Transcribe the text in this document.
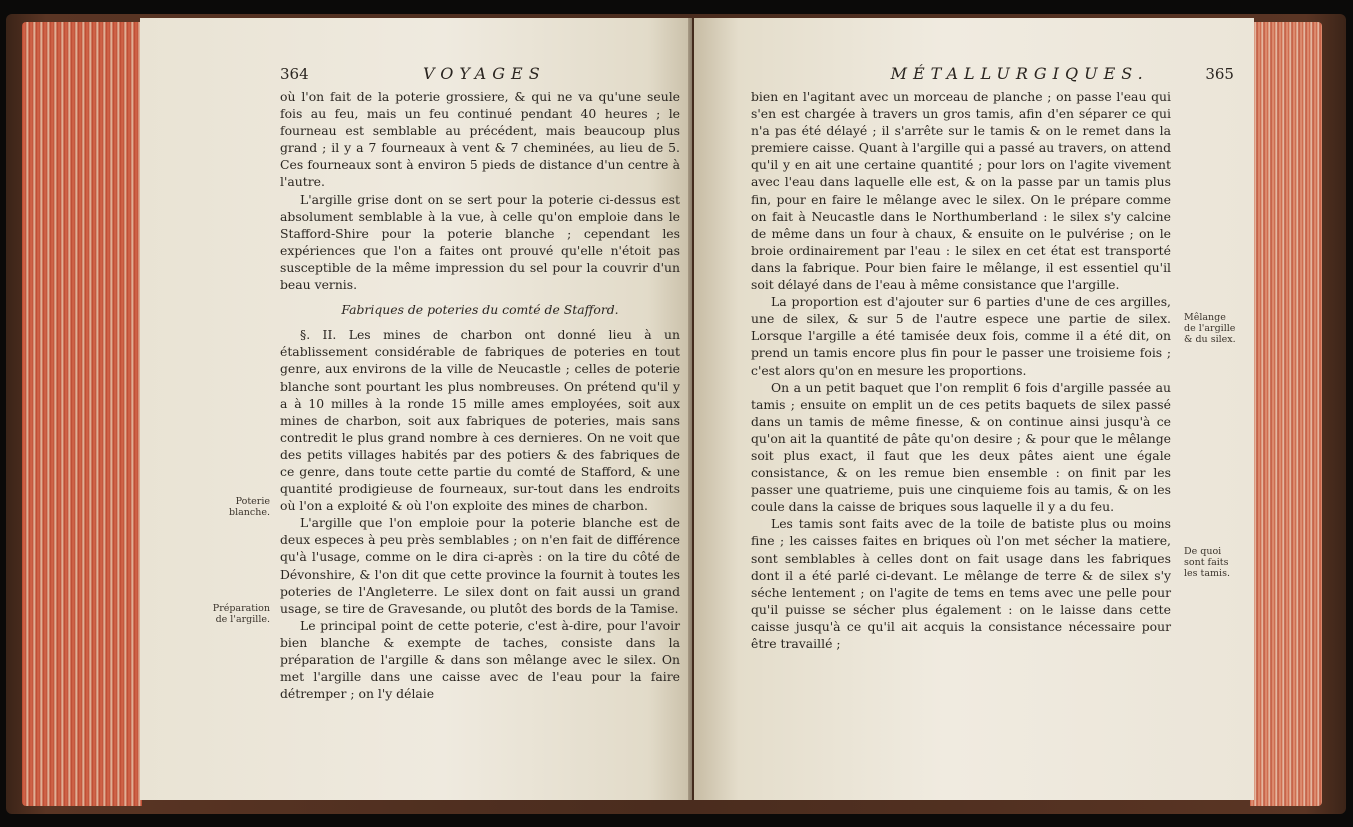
364	VOYAGES
Poterie blanche.
Préparation de l'argille.

où l'on fait de la poterie grossiere, & qui ne va qu'une seule fois au feu, mais un feu continué pendant 40 heures ; le fourneau est semblable au précédent, mais beaucoup plus grand ; il y a 7 fourneaux à vent & 7 cheminées, au lieu de 5. Ces fourneaux sont à environ 5 pieds de distance d'un centre à l'autre.

L'argille grise dont on se sert pour la poterie ci-dessus est absolument semblable à la vue, à celle qu'on emploie dans le Stafford-Shire pour la poterie blanche ; cependant les expériences que l'on a faites ont prouvé qu'elle n'étoit pas susceptible de la même impression du sel pour la couvrir d'un beau vernis.

Fabriques de poteries du comté de Stafford.

§. II. Les mines de charbon ont donné lieu à un établissement considérable de fabriques de poteries en tout genre, aux environs de la ville de Neucastle ; celles de poterie blanche sont pourtant les plus nombreuses. On prétend qu'il y a à 10 milles à la ronde 15 mille ames employées, soit aux mines de charbon, soit aux fabriques de poteries, mais sans contredit le plus grand nombre à ces dernieres. On ne voit que des petits villages habités par des potiers & des fabriques de ce genre, dans toute cette partie du comté de Stafford, & une quantité prodigieuse de fourneaux, sur-tout dans les endroits où l'on a exploité & où l'on exploite des mines de charbon.

L'argille que l'on emploie pour la poterie blanche est de deux especes à peu près semblables ; on n'en fait de différence qu'à l'usage, comme on le dira ci-après : on la tire du côté de Dévonshire, & l'on dit que cette province la fournit à toutes les poteries de l'Angleterre. Le silex dont on fait aussi un grand usage, se tire de Gravesande, ou plutôt des bords de la Tamise.

Le principal point de cette poterie, c'est à-dire, pour l'avoir bien blanche & exempte de taches, consiste dans la préparation de l'argille & dans son mêlange avec le silex. On met l'argille dans une caisse avec de l'eau pour la faire détremper ; on l'y délaie

MÉTALLURGIQUES.	365
Mêlange de l'argille & du silex.
De quoi sont faits les tamis.

bien en l'agitant avec un morceau de planche ; on passe l'eau qui s'en est chargée à travers un gros tamis, afin d'en séparer ce qui n'a pas été délayé ; il s'arrête sur le tamis & on le remet dans la premiere caisse. Quant à l'argille qui a passé au travers, on attend qu'il y en ait une certaine quantité ; pour lors on l'agite vivement avec l'eau dans laquelle elle est, & on la passe par un tamis plus fin, pour en faire le mêlange avec le silex. On le prépare comme on fait à Neucastle dans le Northumberland : le silex s'y calcine de même dans un four à chaux, & ensuite on le pulvérise ; on le broie ordinairement par l'eau : le silex en cet état est transporté dans la fabrique. Pour bien faire le mêlange, il est essentiel qu'il soit délayé dans de l'eau à même consistance que l'argille.

La proportion est d'ajouter sur 6 parties d'une de ces argilles, une de silex, & sur 5 de l'autre espece une partie de silex. Lorsque l'argille a été tamisée deux fois, comme il a été dit, on prend un tamis encore plus fin pour le passer une troisieme fois ; c'est alors qu'on en mesure les proportions.

On a un petit baquet que l'on remplit 6 fois d'argille passée au tamis ; ensuite on emplit un de ces petits baquets de silex passé dans un tamis de même finesse, & on continue ainsi jusqu'à ce qu'on ait la quantité de pâte qu'on desire ; & pour que le mêlange soit plus exact, il faut que les deux pâtes aient une égale consistance, & on les remue bien ensemble : on finit par les passer une quatrieme, puis une cinquieme fois au tamis, & on les coule dans la caisse de briques sous laquelle il y a du feu.

Les tamis sont faits avec de la toile de batiste plus ou moins fine ; les caisses faites en briques où l'on met sécher la matiere, sont semblables à celles dont on fait usage dans les fabriques dont il a été parlé ci-devant. Le mêlange de terre & de silex s'y séche lentement ; on l'agite de tems en tems avec une pelle pour qu'il puisse se sécher plus également : on le laisse dans cette caisse jusqu'à ce qu'il ait acquis la consistance nécessaire pour être travaillé ;
